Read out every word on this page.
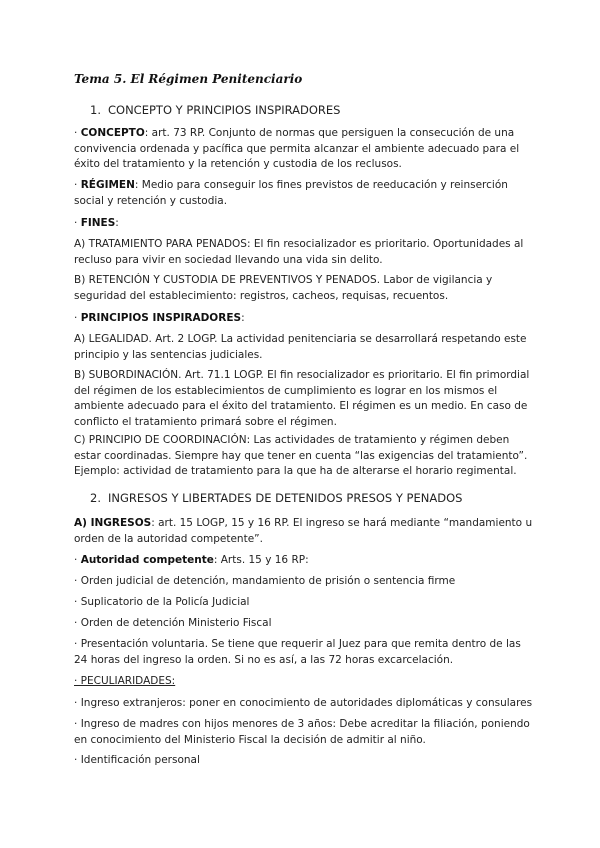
Tema 5. El Régimen Penitenciario
1. CONCEPTO Y PRINCIPIOS INSPIRADORES

· CONCEPTO: art. 73 RP. Conjunto de normas que persiguen la consecución de una convivencia ordenada y pacífica que permita alcanzar el ambiente adecuado para el éxito del tratamiento y la retención y custodia de los reclusos.

· RÉGIMEN: Medio para conseguir los fines previstos de reeducación y reinserción social y retención y custodia.

· FINES:

A) TRATAMIENTO PARA PENADOS: El fin resocializador es prioritario. Oportunidades al recluso para vivir en sociedad llevando una vida sin delito.

B) RETENCIÓN Y CUSTODIA DE PREVENTIVOS Y PENADOS. Labor de vigilancia y seguridad del establecimiento: registros, cacheos, requisas, recuentos.

· PRINCIPIOS INSPIRADORES:

A) LEGALIDAD. Art. 2 LOGP. La actividad penitenciaria se desarrollará respetando este principio y las sentencias judiciales.

B) SUBORDINACIÓN. Art. 71.1 LOGP. El fin resocializador es prioritario. El fin primordial del régimen de los establecimientos de cumplimiento es lograr en los mismos el ambiente adecuado para el éxito del tratamiento. El régimen es un medio. En caso de conflicto el tratamiento primará sobre el régimen.

C) PRINCIPIO DE COORDINACIÓN: Las actividades de tratamiento y régimen deben estar coordinadas. Siempre hay que tener en cuenta “las exigencias del tratamiento”. Ejemplo: actividad de tratamiento para la que ha de alterarse el horario regimental.

2. INGRESOS Y LIBERTADES DE DETENIDOS PRESOS Y PENADOS

A) INGRESOS: art. 15 LOGP, 15 y 16 RP. El ingreso se hará mediante “mandamiento u orden de la autoridad competente”.

· Autoridad competente: Arts. 15 y 16 RP:

· Orden judicial de detención, mandamiento de prisión o sentencia firme

· Suplicatorio de la Policía Judicial

· Orden de detención Ministerio Fiscal

· Presentación voluntaria. Se tiene que requerir al Juez para que remita dentro de las 24 horas del ingreso la orden. Si no es así, a las 72 horas excarcelación.

· PECULIARIDADES:

· Ingreso extranjeros: poner en conocimiento de autoridades diplomáticas y consulares

· Ingreso de madres con hijos menores de 3 años: Debe acreditar la filiación, poniendo en conocimiento del Ministerio Fiscal la decisión de admitir al niño.

· Identificación personal
